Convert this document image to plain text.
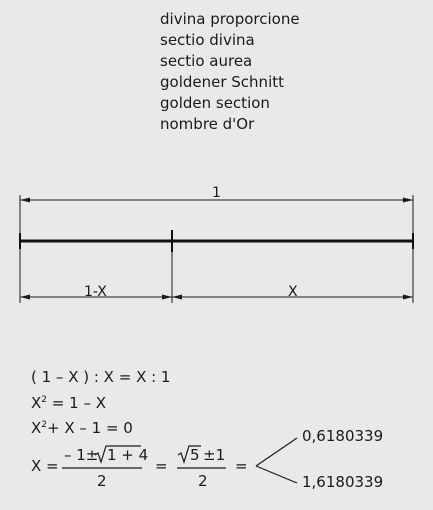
divina proporcione
sectio divina
sectio aurea
goldener Schnitt
golden section
nombre d'Or
1
1-X	X
( 1 – X ) : X = X : 1
$X^2 = 1 - X$
$X^2+ X - 1 = 0$
X =
– 1± 1 + 4
2
=
5 ±1
2
=
0,6180339
1,6180339
